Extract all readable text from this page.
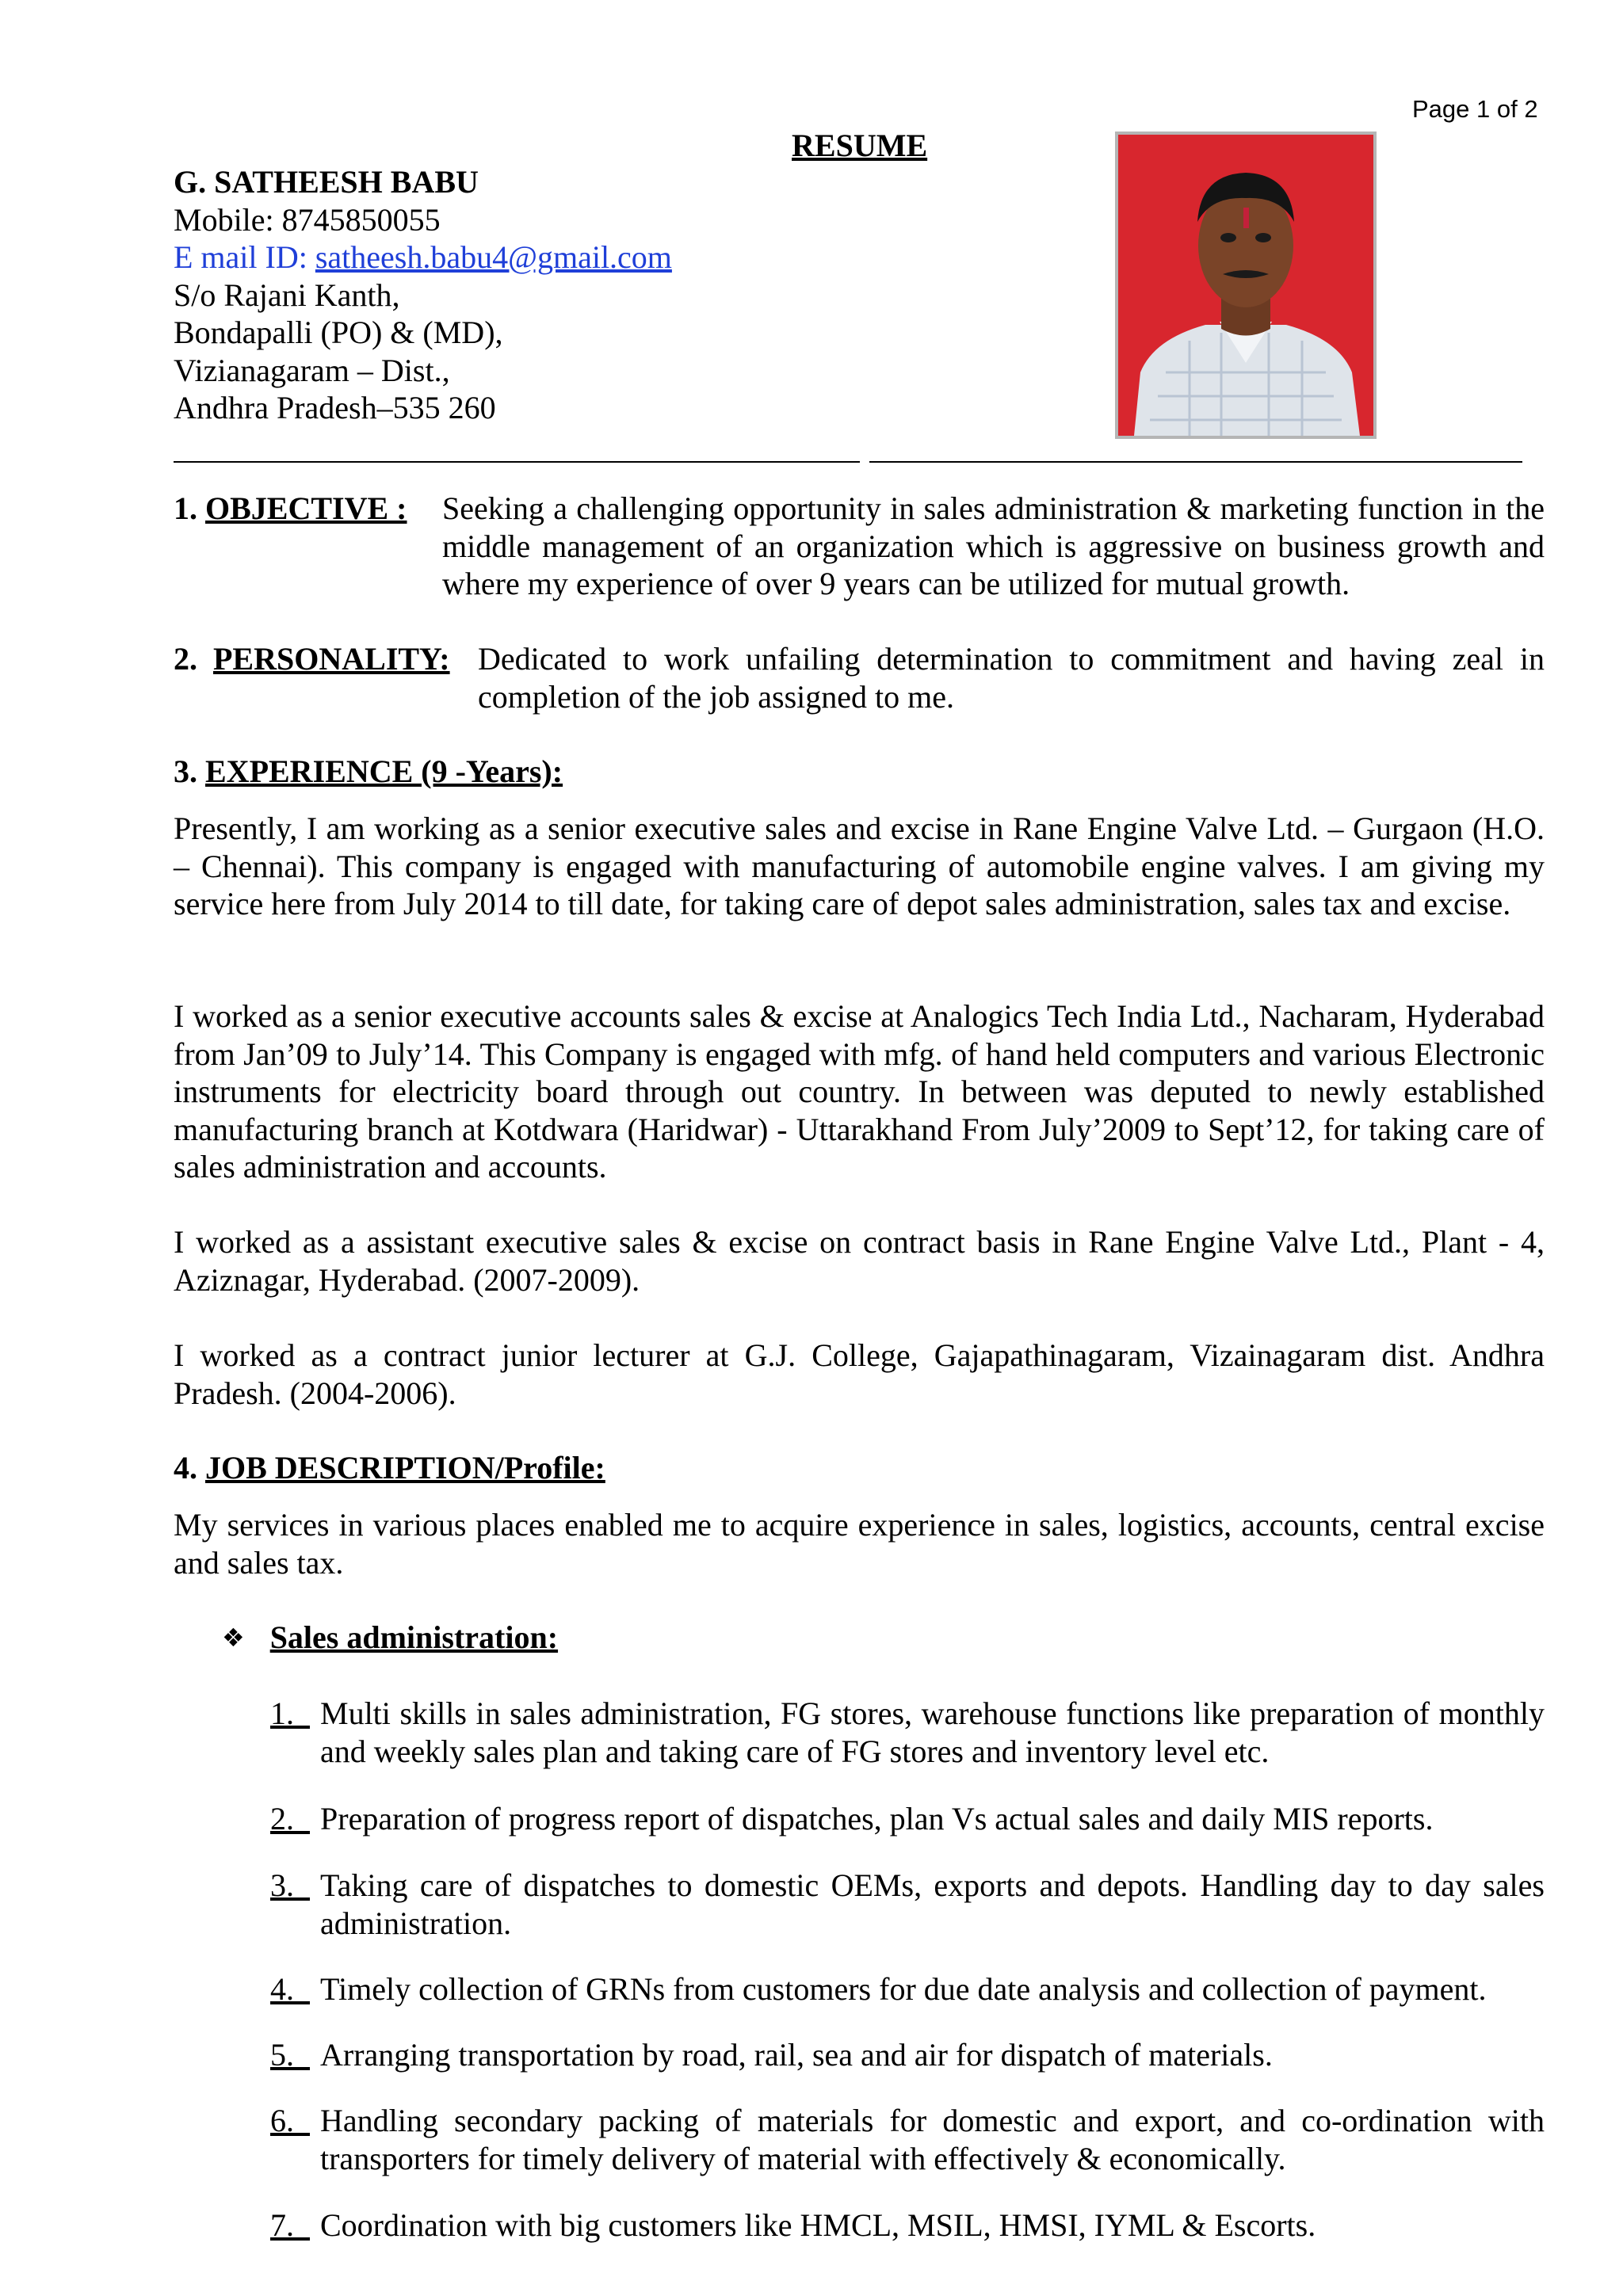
Page 1 of 2
RESUME
G. SATHEESH BABU
Mobile: 8745850055
E mail ID: satheesh.babu4@gmail.com
S/o Rajani Kanth,
Bondapalli (PO) & (MD),
Vizianagaram – Dist.,
Andhra Pradesh–535 260
1. OBJECTIVE :	Seeking a challenging opportunity in sales administration & marketing function in the middle management of an organization which is aggressive on business growth and where my experience of over 9 years can be utilized for mutual growth.
2. PERSONALITY: Dedicated to work unfailing determination to commitment and having zeal in completion of the job assigned to me.
3. EXPERIENCE (9 -Years):

Presently, I am working as a senior executive sales and excise in Rane Engine Valve Ltd. – Gurgaon (H.O. – Chennai). This company is engaged with manufacturing of automobile engine valves. I am giving my service here from July 2014 to till date, for taking care of depot sales administration, sales tax and excise.

I worked as a senior executive accounts sales & excise at Analogics Tech India Ltd., Nacharam, Hyderabad from Jan’09 to July’14. This Company is engaged with mfg. of hand held computers and various Electronic instruments for electricity board through out country. In between was deputed to newly established manufacturing branch at Kotdwara (Haridwar) - Uttarakhand From July’2009 to Sept’12, for taking care of sales administration and accounts.

I worked as a assistant executive sales & excise on contract basis in Rane Engine Valve Ltd., Plant - 4, Aziznagar, Hyderabad. (2007-2009).

I worked as a contract junior lecturer at G.J. College, Gajapathinagaram, Vizainagaram dist. Andhra Pradesh. (2004-2006).

4. JOB DESCRIPTION/Profile:

My services in various places enabled me to acquire experience in sales, logistics, accounts, central excise and sales tax.

❖ Sales administration:
1. Multi skills in sales administration, FG stores, warehouse functions like preparation of monthly and weekly sales plan and taking care of FG stores and inventory level etc.
2. Preparation of progress report of dispatches, plan Vs actual sales and daily MIS reports.
3. Taking care of dispatches to domestic OEMs, exports and depots. Handling day to day sales administration.
4. Timely collection of GRNs from customers for due date analysis and collection of payment.
5. Arranging transportation by road, rail, sea and air for dispatch of materials.
6. Handling secondary packing of materials for domestic and export, and co-ordination with transporters for timely delivery of material with effectively & economically.
7. Coordination with big customers like HMCL, MSIL, HMSI, IYML & Escorts.
